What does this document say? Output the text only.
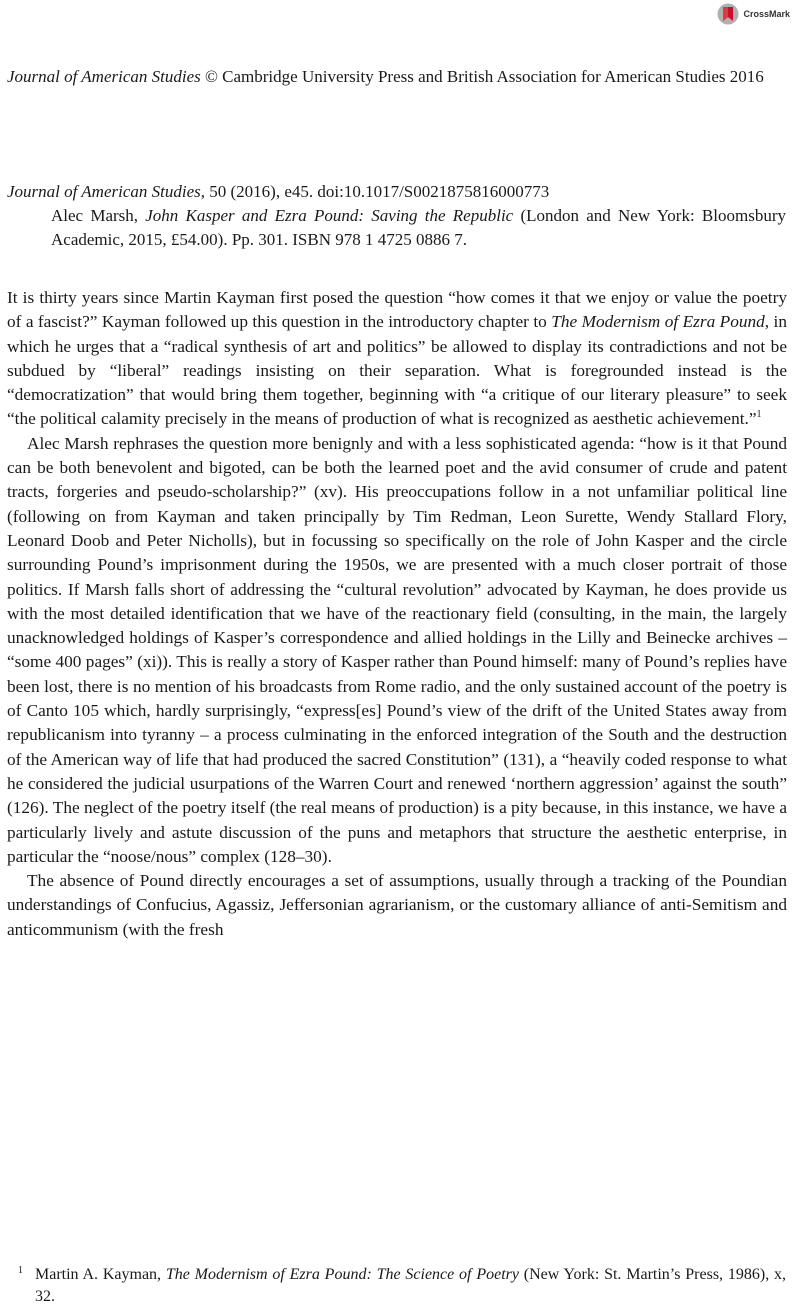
CrossMark
Journal of American Studies © Cambridge University Press and British Association for American Studies 2016
Journal of American Studies, 50 (2016), e45. doi:10.1017/S0021875816000773
Alec Marsh, John Kasper and Ezra Pound: Saving the Republic (London and New York: Bloomsbury Academic, 2015, £54.00). Pp. 301. ISBN 978 1 4725 0886 7.

It is thirty years since Martin Kayman first posed the question “how comes it that we enjoy or value the poetry of a fascist?” Kayman followed up this question in the introductory chapter to The Modernism of Ezra Pound, in which he urges that a “radical synthesis of art and politics” be allowed to display its contradictions and not be subdued by “liberal” readings insisting on their separation. What is foregrounded instead is the “democratization” that would bring them together, beginning with “a critique of our literary pleasure” to seek “the political calamity precisely in the means of production of what is recognized as aesthetic achievement.”$^1$

Alec Marsh rephrases the question more benignly and with a less sophisticated agenda: “how is it that Pound can be both benevolent and bigoted, can be both the learned poet and the avid consumer of crude and patent tracts, forgeries and pseudo-scholarship?” (xv). His preoccupations follow in a not unfamiliar political line (following on from Kayman and taken principally by Tim Redman, Leon Surette, Wendy Stallard Flory, Leonard Doob and Peter Nicholls), but in focussing so specifically on the role of John Kasper and the circle surrounding Pound’s imprisonment during the 1950s, we are presented with a much closer portrait of those politics. If Marsh falls short of addressing the “cultural revolution” advocated by Kayman, he does provide us with the most detailed identification that we have of the reactionary field (consulting, in the main, the largely unacknowledged holdings of Kasper’s correspondence and allied holdings in the Lilly and Beinecke archives – “some 400 pages” (xi)). This is really a story of Kasper rather than Pound himself: many of Pound’s replies have been lost, there is no mention of his broadcasts from Rome radio, and the only sustained account of the poetry is of Canto 105 which, hardly surprisingly, “express[es] Pound’s view of the drift of the United States away from republicanism into tyranny – a process culminating in the enforced integration of the South and the destruction of the American way of life that had produced the sacred Constitution” (131), a “heavily coded response to what he considered the judicial usurpations of the Warren Court and renewed ‘northern aggression’ against the south” (126). The neglect of the poetry itself (the real means of production) is a pity because, in this instance, we have a particularly lively and astute discussion of the puns and metaphors that structure the aesthetic enterprise, in particular the “noose/nous” complex (128–30).

The absence of Pound directly encourages a set of assumptions, usually through a tracking of the Poundian understandings of Confucius, Agassiz, Jeffersonian agrarianism, or the customary alliance of anti-Semitism and anticommunism (with the fresh

1 Martin A. Kayman, The Modernism of Ezra Pound: The Science of Poetry (New York: St. Martin’s Press, 1986), x, 32.
